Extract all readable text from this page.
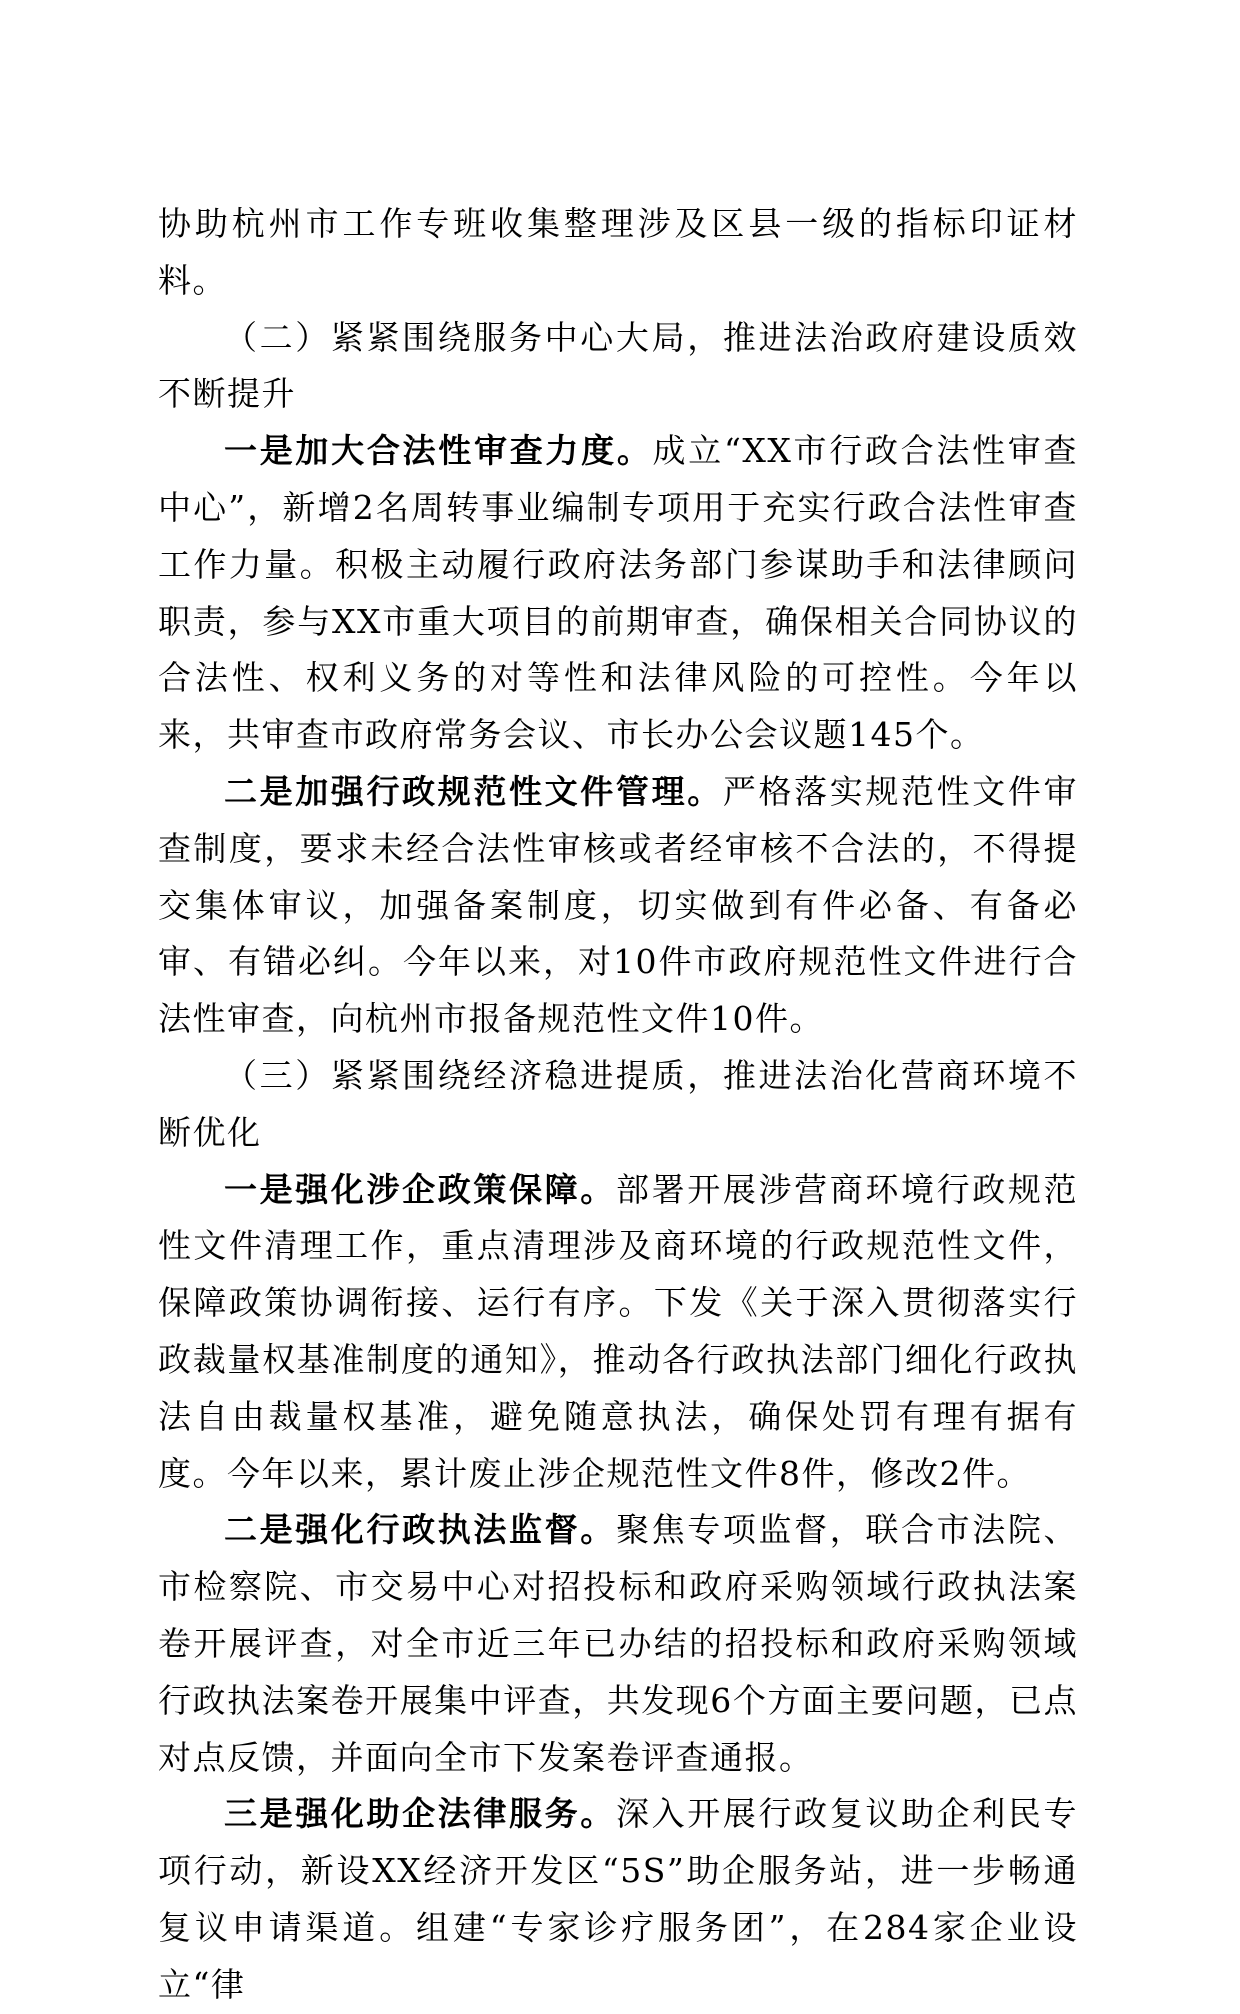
协助杭州市工作专班收集整理涉及区县一级的指标印证材料。

（二）紧紧围绕服务中心大局，推进法治政府建设质效不断提升

一是加大合法性审查力度。成立“XX市行政合法性审查中心”，新增2名周转事业编制专项用于充实行政合法性审查工作力量。积极主动履行政府法务部门参谋助手和法律顾问职责，参与XX市重大项目的前期审查，确保相关合同协议的合法性、权利义务的对等性和法律风险的可控性。今年以来，共审查市政府常务会议、市长办公会议题145个。

二是加强行政规范性文件管理。严格落实规范性文件审查制度，要求未经合法性审核或者经审核不合法的，不得提交集体审议，加强备案制度，切实做到有件必备、有备必审、有错必纠。今年以来，对10件市政府规范性文件进行合法性审查，向杭州市报备规范性文件10件。

（三）紧紧围绕经济稳进提质，推进法治化营商环境不断优化

一是强化涉企政策保障。部署开展涉营商环境行政规范性文件清理工作，重点清理涉及商环境的行政规范性文件，保障政策协调衔接、运行有序。下发《关于深入贯彻落实行政裁量权基准制度的通知》，推动各行政执法部门细化行政执法自由裁量权基准，避免随意执法，确保处罚有理有据有度。今年以来，累计废止涉企规范性文件8件，修改2件。

二是强化行政执法监督。聚焦专项监督，联合市法院、市检察院、市交易中心对招投标和政府采购领域行政执法案卷开展评查，对全市近三年已办结的招投标和政府采购领域行政执法案卷开展集中评查，共发现6个方面主要问题，已点对点反馈，并面向全市下发案卷评查通报。

三是强化助企法律服务。深入开展行政复议助企利民专项行动，新设XX经济开发区“5S”助企服务站，进一步畅通复议申请渠道。组建“专家诊疗服务团”，在284家企业设立“律
